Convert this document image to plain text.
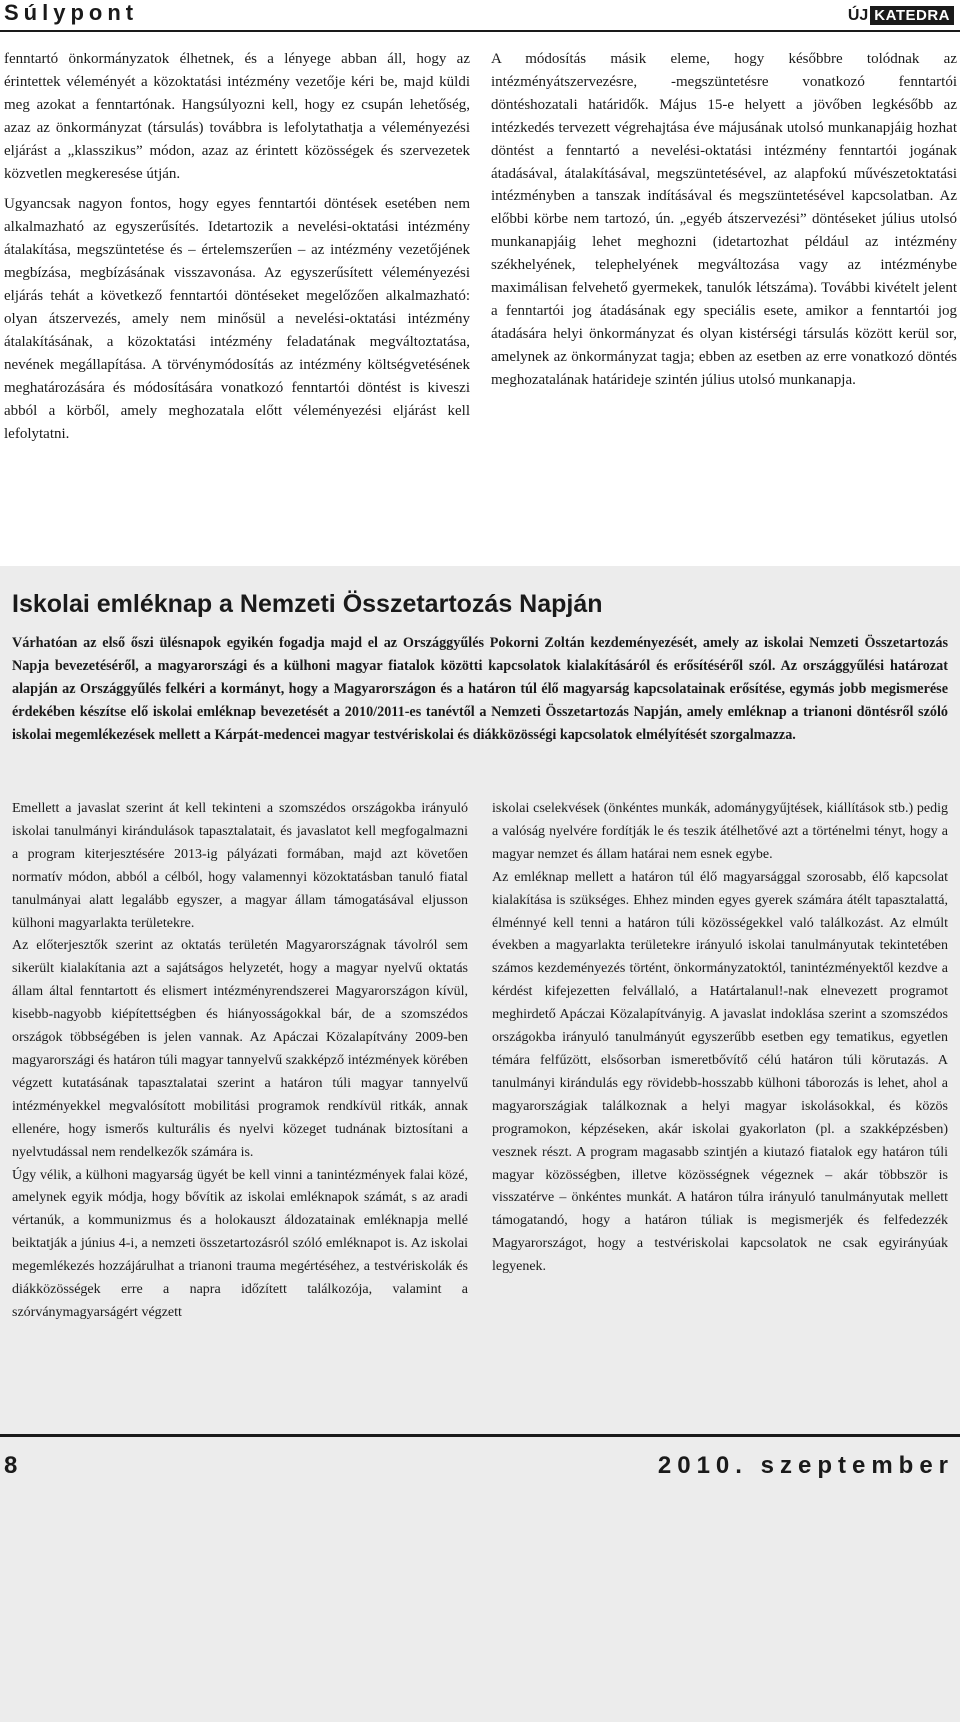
Súlypont	ÚJ KATEDRA

fenntartó önkormányzatok élhetnek, és a lényege abban áll, hogy az érintettek véleményét a közoktatási intézmény vezetője kéri be, majd küldi meg azokat a fenntartónak. Hangsúlyozni kell, hogy ez csupán lehetőség, azaz az önkormányzat (társulás) továbbra is lefolytathatja a véleményezési eljárást a „klasszikus” módon, azaz az érintett közösségek és szervezetek közvetlen megkeresése útján.

Ugyancsak nagyon fontos, hogy egyes fenntartói döntések esetében nem alkalmazható az egyszerűsítés. Idetartozik a nevelési-oktatási intézmény átalakítása, megszüntetése és – értelemszerűen – az intézmény vezetőjének megbízása, megbízásának visszavonása. Az egyszerűsített véleményezési eljárás tehát a következő fenntartói döntéseket megelőzően alkalmazható: olyan átszervezés, amely nem minősül a nevelési-oktatási intézmény átalakításának, a közoktatási intézmény feladatának megváltoztatása, nevének megállapítása. A törvénymódosítás az intézmény költségvetésének meghatározására és módosítására vonatkozó fenntartói döntést is kiveszi abból a körből, amely meghozatala előtt véleményezési eljárást kell lefolytatni.

A módosítás másik eleme, hogy későbbre tolódnak az intézményátszervezésre, -megszüntetésre vonatkozó fenntartói döntéshozatali határidők. Május 15-e helyett a jövőben legkésőbb az intézkedés tervezett végrehajtása éve májusának utolsó munkanapjáig hozhat döntést a fenntartó a nevelési-oktatási intézmény fenntartói jogának átadásával, átalakításával, megszüntetésével, az alapfokú művészetoktatási intézményben a tanszak indításával és megszüntetésével kapcsolatban. Az előbbi körbe nem tartozó, ún. „egyéb átszervezési” döntéseket július utolsó munkanapjáig lehet meghozni (idetartozhat például az intézmény székhelyének, telephelyének megváltozása vagy az intézménybe maximálisan felvehető gyermekek, tanulók létszáma). További kivételt jelent a fenntartói jog átadásának egy speciális esete, amikor a fenntartói jog átadására helyi önkormányzat és olyan kistérségi társulás között kerül sor, amelynek az önkormányzat tagja; ebben az esetben az erre vonatkozó döntés meghozatalának határideje szintén július utolsó munkanapja.

Iskolai emléknap a Nemzeti Összetartozás Napján

Várhatóan az első őszi ülésnapok egyikén fogadja majd el az Országgyűlés Pokorni Zoltán kezdeményezését, amely az iskolai Nemzeti Összetartozás Napja bevezetéséről, a magyarországi és a külhoni magyar fiatalok közötti kapcsolatok kialakításáról és erősítéséről szól. Az országgyűlési határozat alapján az Országgyűlés felkéri a kormányt, hogy a Magyarországon és a határon túl élő magyarság kapcsolatainak erősítése, egymás jobb megismerése érdekében készítse elő iskolai emléknap bevezetését a 2010/2011-es tanévtől a Nemzeti Összetartozás Napján, amely emléknap a trianoni döntésről szóló iskolai megemlékezések mellett a Kárpát-medencei magyar testvériskolai és diákközösségi kapcsolatok elmélyítését szorgalmazza.

Emellett a javaslat szerint át kell tekinteni a szomszédos országokba irányuló iskolai tanulmányi kirándulások tapasztalatait, és javaslatot kell megfogalmazni a program kiterjesztésére 2013-ig pályázati formában, majd azt követően normatív módon, abból a célból, hogy valamennyi közoktatásban tanuló fiatal tanulmányai alatt legalább egyszer, a magyar állam támogatásával eljusson külhoni magyarlakta területekre.

Az előterjesztők szerint az oktatás területén Magyarországnak távolról sem sikerült kialakítania azt a sajátságos helyzetét, hogy a magyar nyelvű oktatás állam által fenntartott és elismert intézményrendszerei Magyarországon kívül, kisebb-nagyobb kiépítettségben és hiányosságokkal bár, de a szomszédos országok többségében is jelen vannak. Az Apáczai Közalapítvány 2009-ben magyarországi és határon túli magyar tannyelvű szakképző intézmények körében végzett kutatásának tapasztalatai szerint a határon túli magyar tannyelvű intézményekkel megvalósított mobilitási programok rendkívül ritkák, annak ellenére, hogy ismerős kulturális és nyelvi közeget tudnának biztosítani a nyelvtudással nem rendelkezők számára is.

Úgy vélik, a külhoni magyarság ügyét be kell vinni a tanintézmények falai közé, amelynek egyik módja, hogy bővítik az iskolai emléknapok számát, s az aradi vértanúk, a kommunizmus és a holokauszt áldozatainak emléknapja mellé beiktatják a június 4-i, a nemzeti összetartozásról szóló emléknapot is. Az iskolai megemlékezés hozzájárulhat a trianoni trauma megértéséhez, a testvériskolák és diákközösségek erre a napra időzített találkozója, valamint a szórványmagyarságért végzett

iskolai cselekvések (önkéntes munkák, adománygyűjtések, kiállítások stb.) pedig a valóság nyelvére fordítják le és teszik átélhetővé azt a történelmi tényt, hogy a magyar nemzet és állam határai nem esnek egybe.

Az emléknap mellett a határon túl élő magyarsággal szorosabb, élő kapcsolat kialakítása is szükséges. Ehhez minden egyes gyerek számára átélt tapasztalattá, élménnyé kell tenni a határon túli közösségekkel való találkozást. Az elmúlt években a magyarlakta területekre irányuló iskolai tanulmányutak tekintetében számos kezdeményezés történt, önkormányzatoktól, tanintézményektől kezdve a kérdést kifejezetten felvállaló, a Határtalanul!-nak elnevezett programot meghirdető Apáczai Közalapítványig. A javaslat indoklása szerint a szomszédos országokba irányuló tanulmányút egyszerűbb esetben egy tematikus, egyetlen témára felfűzött, elsősorban ismeretbővítő célú határon túli körutazás. A tanulmányi kirándulás egy rövidebb-hosszabb külhoni táborozás is lehet, ahol a magyarországiak találkoznak a helyi magyar iskolásokkal, és közös programokon, képzéseken, akár iskolai gyakorlaton (pl. a szakképzésben) vesznek részt. A program magasabb szintjén a kiutazó fiatalok egy határon túli magyar közösségben, illetve közösségnek végeznek – akár többször is visszatérve – önkéntes munkát. A határon túlra irányuló tanulmányutak mellett támogatandó, hogy a határon túliak is megismerjék és felfedezzék Magyarországot, hogy a testvériskolai kapcsolatok ne csak egyirányúak legyenek.

8	2010. szeptember
